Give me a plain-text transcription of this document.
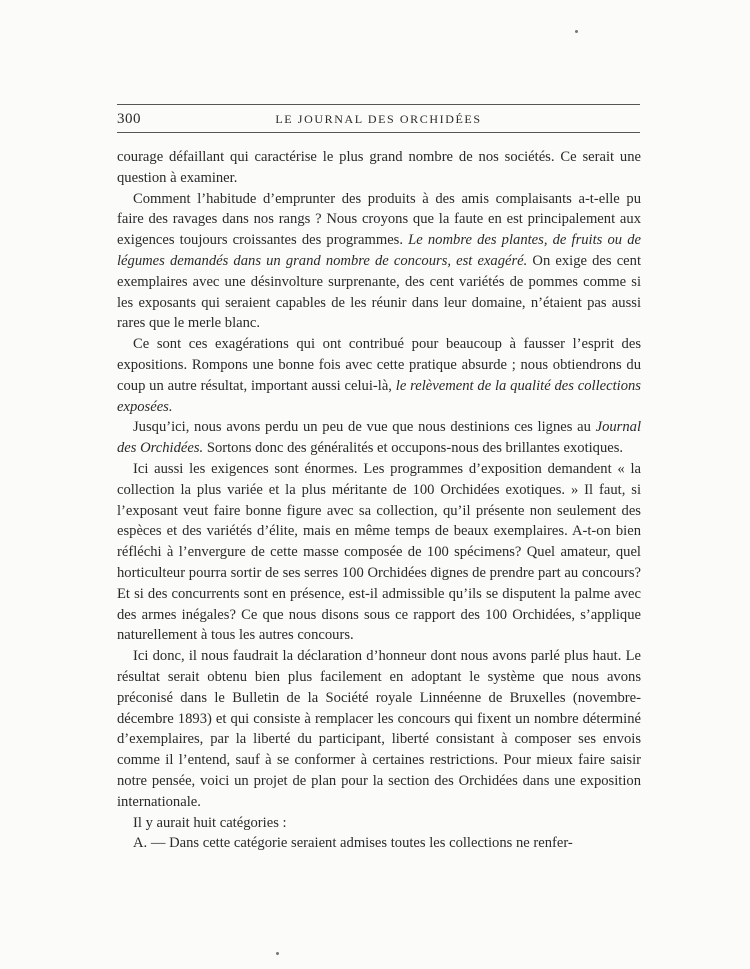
300	LE JOURNAL DES ORCHIDÉES

courage défaillant qui caractérise le plus grand nombre de nos sociétés. Ce serait une question à examiner.

Comment l’habitude d’emprunter des produits à des amis complaisants a-t-elle pu faire des ravages dans nos rangs ? Nous croyons que la faute en est principalement aux exigences toujours croissantes des programmes. Le nombre des plantes, de fruits ou de légumes demandés dans un grand nombre de concours, est exagéré. On exige des cent exemplaires avec une désinvolture surprenante, des cent variétés de pommes comme si les exposants qui seraient capables de les réunir dans leur domaine, n’étaient pas aussi rares que le merle blanc.

Ce sont ces exagérations qui ont contribué pour beaucoup à fausser l’esprit des expositions. Rompons une bonne fois avec cette pratique absurde ; nous obtiendrons du coup un autre résultat, important aussi celui-là, le relèvement de la qualité des collections exposées.

Jusqu’ici, nous avons perdu un peu de vue que nous destinions ces lignes au Journal des Orchidées. Sortons donc des généralités et occupons-nous des brillantes exotiques.

Ici aussi les exigences sont énormes. Les programmes d’exposition demandent « la collection la plus variée et la plus méritante de 100 Orchidées exotiques. » Il faut, si l’exposant veut faire bonne figure avec sa collection, qu’il présente non seulement des espèces et des variétés d’élite, mais en même temps de beaux exemplaires. A-t-on bien réfléchi à l’envergure de cette masse composée de 100 spécimens? Quel amateur, quel horticulteur pourra sortir de ses serres 100 Orchidées dignes de prendre part au concours? Et si des concurrents sont en présence, est-il admissible qu’ils se disputent la palme avec des armes inégales? Ce que nous disons sous ce rapport des 100 Orchidées, s’applique naturellement à tous les autres concours.

Ici donc, il nous faudrait la déclaration d’honneur dont nous avons parlé plus haut. Le résultat serait obtenu bien plus facilement en adoptant le système que nous avons préconisé dans le Bulletin de la Société royale Linnéenne de Bruxelles (novembre-décembre 1893) et qui consiste à remplacer les concours qui fixent un nombre déterminé d’exemplaires, par la liberté du participant, liberté consistant à composer ses envois comme il l’entend, sauf à se conformer à certaines restrictions. Pour mieux faire saisir notre pensée, voici un projet de plan pour la section des Orchidées dans une exposition internationale.

Il y aurait huit catégories :

A. — Dans cette catégorie seraient admises toutes les collections ne renfer-
